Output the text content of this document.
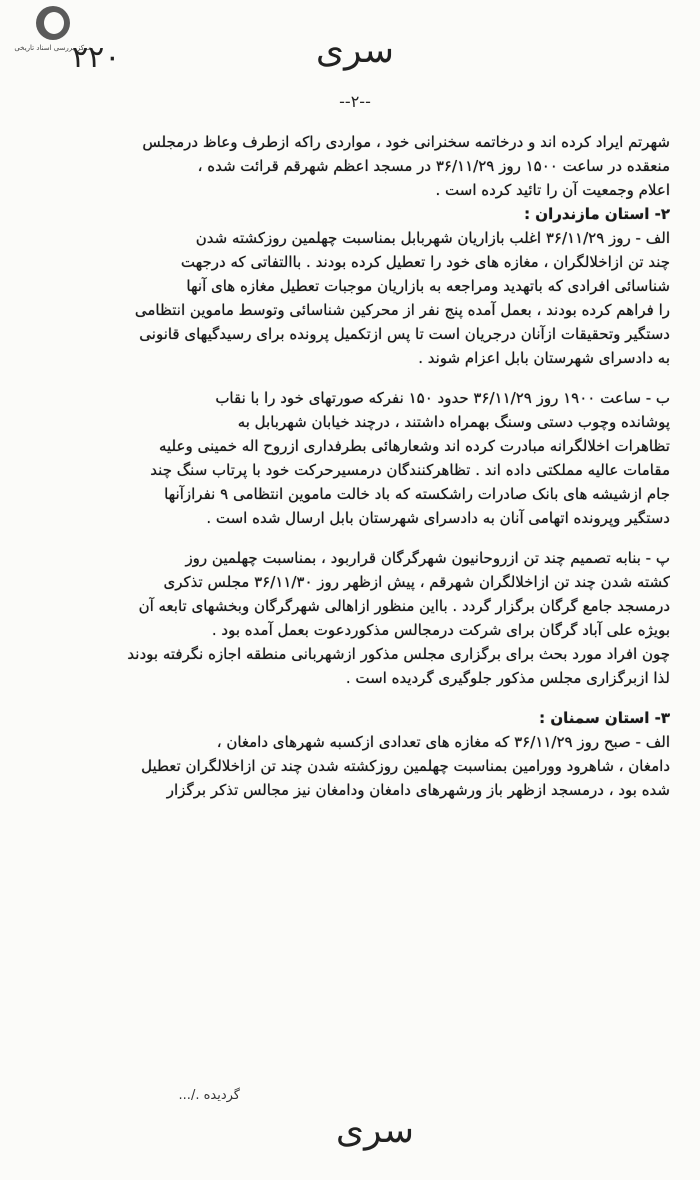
مرکز بررسی اسناد تاریخی
۲۲۰	سری
--۲--
شهرتم ایراد کرده اند و درخاتمه سخنرانی خود ، مواردی راکه ازطرف وعاظ درمجلس
منعقده در ساعت ۱۵۰۰ روز ۳۶/۱۱/۲۹ در مسجد اعظم شهرقم قرائت شده ،
اعلام وجمعیت آن را تائید کرده است .
۲- استان مازندران :
الف - روز ۳۶/۱۱/۲۹ اغلب بازاریان شهربابل بمناسبت چهلمین روزکشته شدن
چند تن ازاخلالگران ، مغازه های خود را تعطیل کرده بودند . باالتفاتی که درجهت
شناسائی افرادی که باتهدید ومراجعه به بازاریان موجبات تعطیل مغازه های آنها
را فراهم کرده بودند ، بعمل آمده پنج نفر از محرکین شناسائی وتوسط ماموین انتظامی
دستگیر وتحقیقات ازآنان درجریان است تا پس ازتکمیل پرونده برای رسیدگیهای قانونی
به دادسرای شهرستان بابل اعزام شوند .
ب - ساعت ۱۹۰۰ روز ۳۶/۱۱/۲۹ حدود ۱۵۰ نفرکه صورتهای خود را با نقاب
پوشانده وچوب دستی وسنگ بهمراه داشتند ، درچند خیابان شهربابل به
تظاهرات اخلالگرانه مبادرت کرده اند وشعارهائی بطرفداری ازروح اله خمینی وعلیه
مقامات عالیه مملکتی داده اند . تظاهرکنندگان درمسیرحرکت خود با پرتاب سنگ چند
جام ازشیشه های بانک صادرات راشکسته که باد خالت ماموین انتظامی ۹ نفرازآنها
دستگیر وپرونده اتهامی آنان به دادسرای شهرستان بابل ارسال شده است .
پ - بنابه تصمیم چند تن ازروحانیون شهرگرگان قراربود ، بمناسبت چهلمین روز
کشته شدن چند تن ازاخلالگران شهرقم ، پیش ازظهر روز ۳۶/۱۱/۳۰ مجلس تذکری
درمسجد جامع گرگان برگزار گردد . بااین منظور ازاهالی شهرگرگان وبخشهای تابعه آن
بویژه علی آباد گرگان برای شرکت درمجالس مذکوردعوت بعمل آمده بود .
چون افراد مورد بحث برای برگزاری مجلس مذکور ازشهربانی منطقه اجازه نگرفته بودند
لذا ازبرگزاری مجلس مذکور جلوگیری گردیده است .
۳- استان سمنان :
الف - صبح روز ۳۶/۱۱/۲۹ که مغازه های تعدادی ازکسبه شهرهای دامغان ،
دامغان ، شاهرود وورامین بمناسبت چهلمین روزکشته شدن چند تن ازاخلالگران تعطیل
شده بود ، درمسجد ازظهر باز ورشهرهای دامغان ودامغان نیز مجالس تذکر برگزار
گردیده ./...
سری
